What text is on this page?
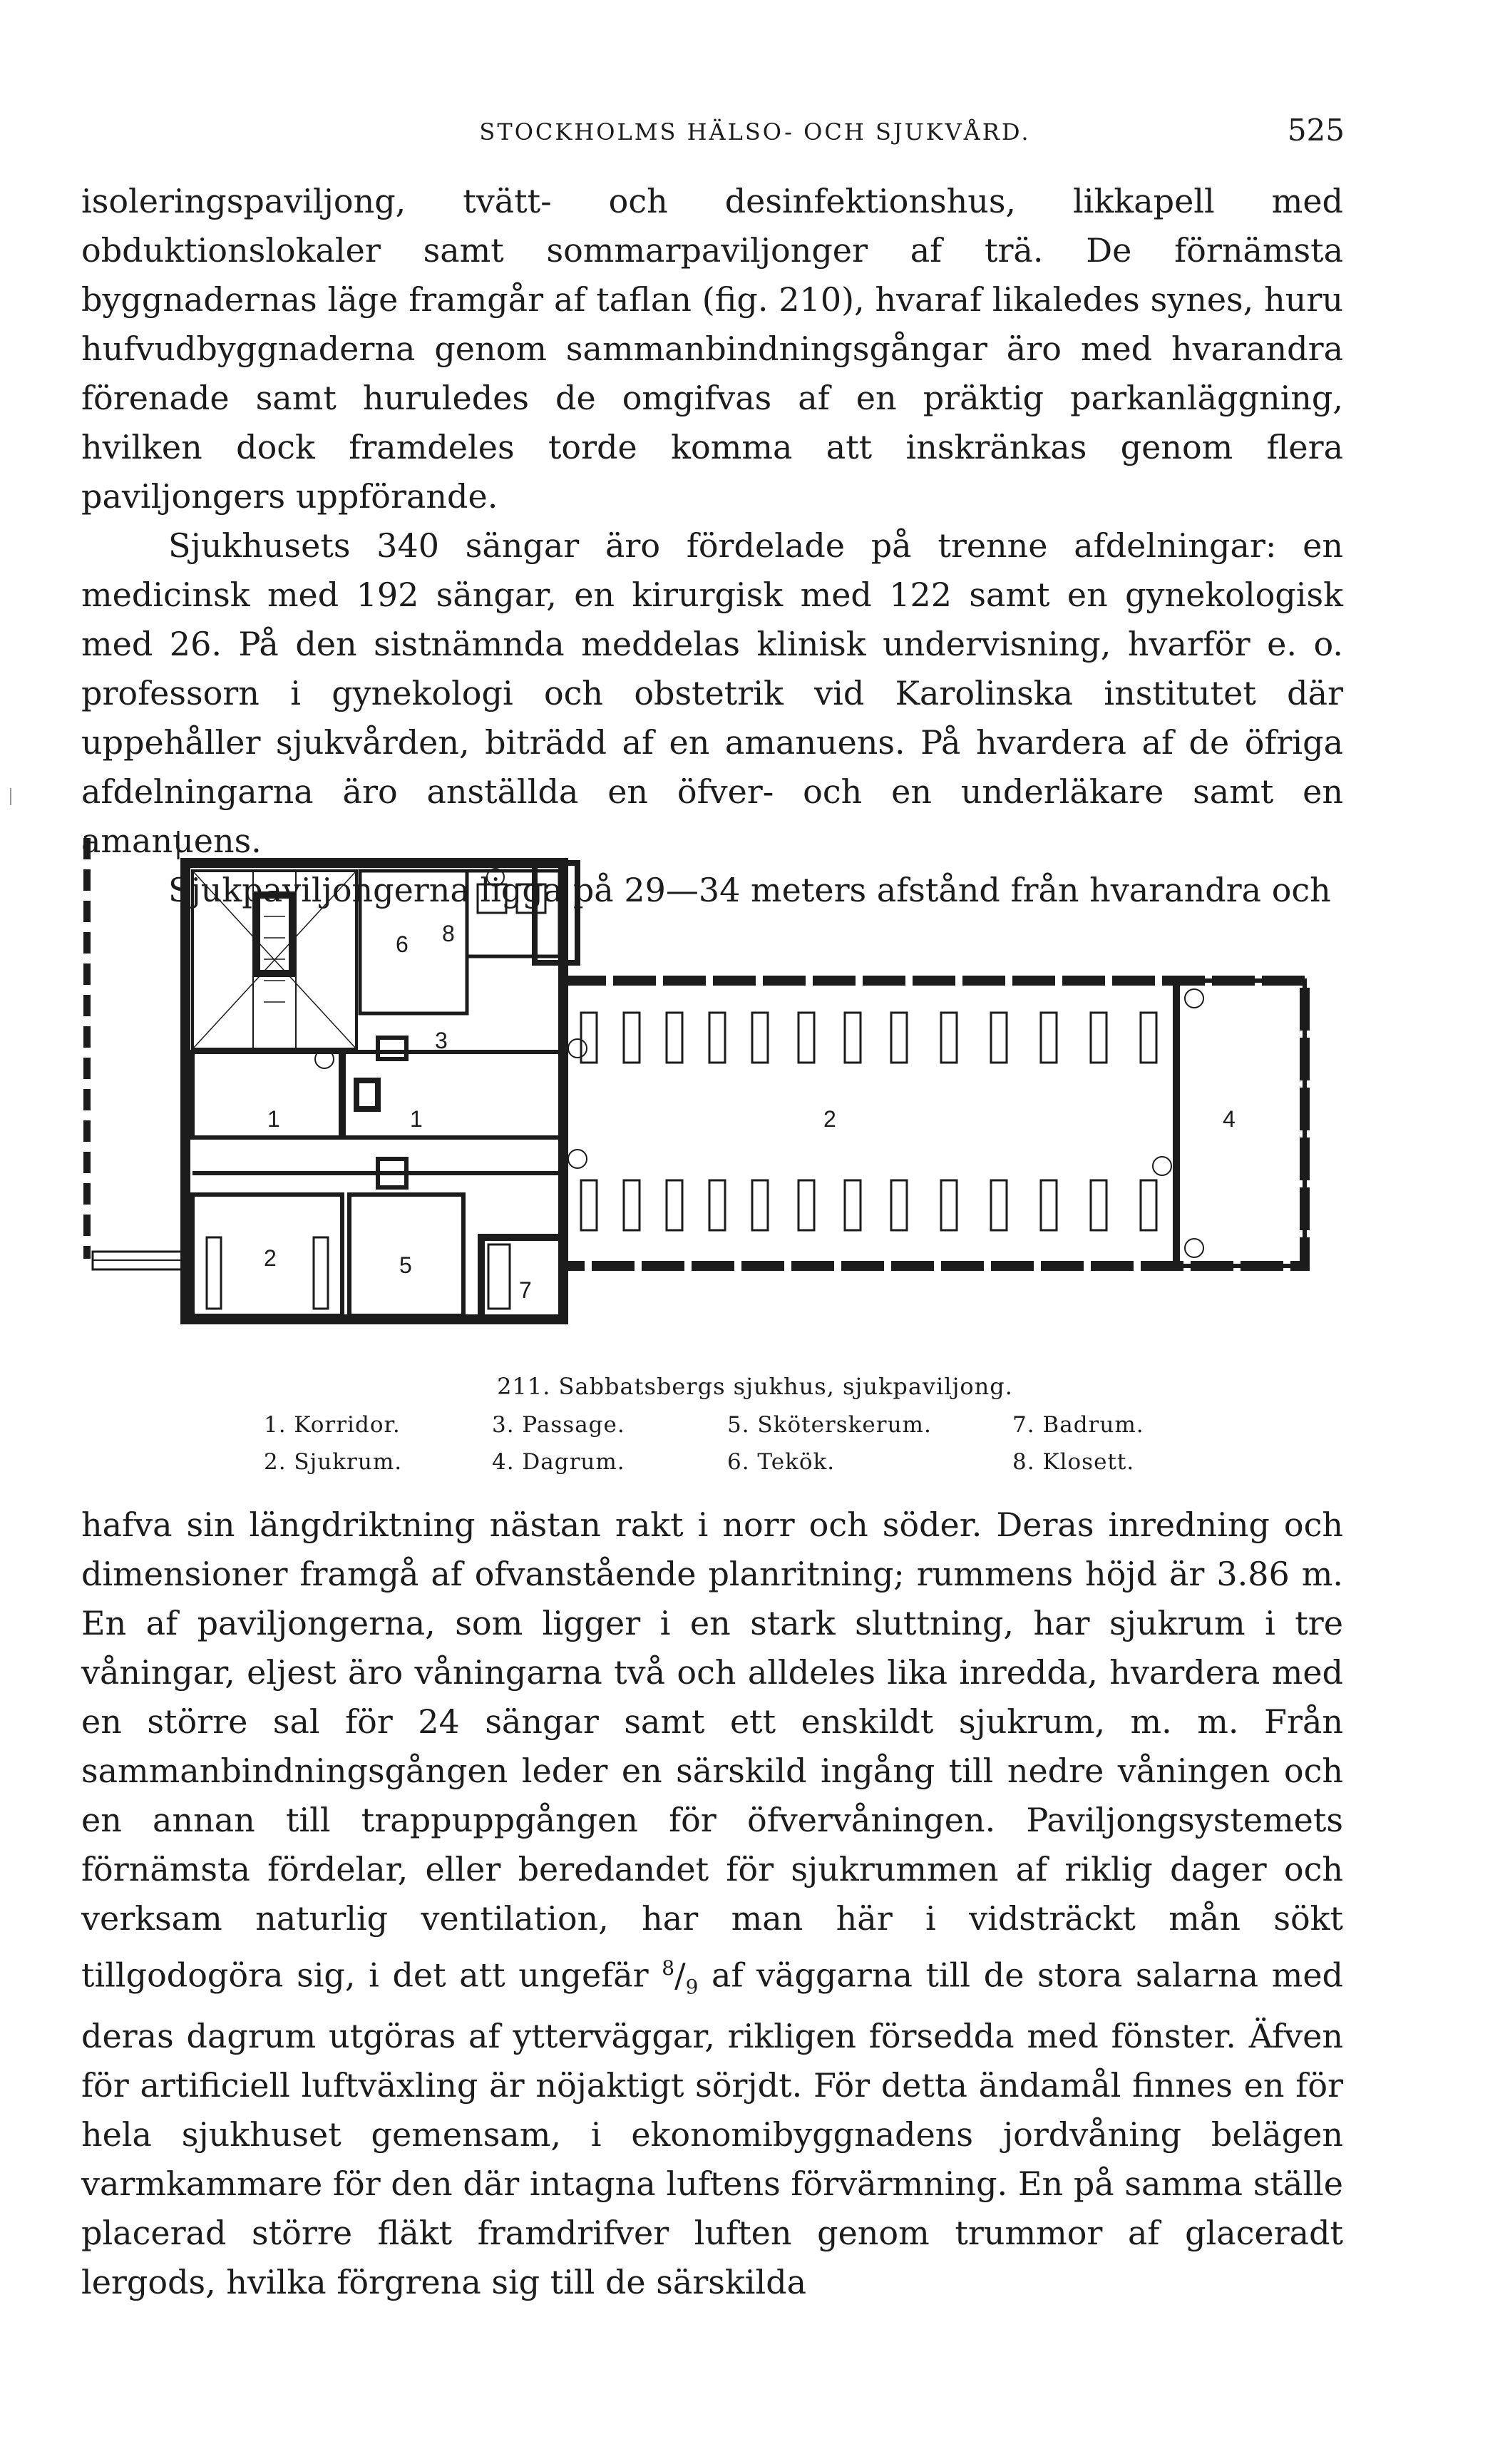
STOCKHOLMS HÄLSO- OCH SJUKVÅRD.	525

isoleringspaviljong, tvätt- och desinfektionshus, likkapell med obduktionslokaler samt sommarpaviljonger af trä. De förnämsta byggnadernas läge framgår af taflan (fig. 210), hvaraf likaledes synes, huru hufvudbyggnaderna genom sammanbindningsgångar äro med hvarandra förenade samt huruledes de omgifvas af en präktig parkanläggning, hvilken dock framdeles torde komma att inskränkas genom flera paviljongers uppförande.

Sjukhusets 340 sängar äro fördelade på trenne afdelningar: en medicinsk med 192 sängar, en kirurgisk med 122 samt en gynekologisk med 26. På den sistnämnda meddelas klinisk undervisning, hvarför e. o. professorn i gynekologi och obstetrik vid Karolinska institutet där uppehåller sjukvården, biträdd af en amanuens. På hvardera af de öfriga afdelningarna äro anställda en öfver- och en underläkare samt en amanuens.

Sjukpaviljongerna ligga på 29—34 meters afstånd från hvarandra och

1	1	2
2
3
4
5
6
7
8
211. Sabbatsbergs sjukhus, sjukpaviljong.
1. Korridor.	3. Passage.	5. Sköterskerum.	7. Badrum.
2. Sjukrum.	4. Dagrum.	6. Tekök.	8. Klosett.

hafva sin längdriktning nästan rakt i norr och söder. Deras inredning och dimensioner framgå af ofvanstående planritning; rummens höjd är 3.86 m. En af paviljongerna, som ligger i en stark sluttning, har sjukrum i tre våningar, eljest äro våningarna två och alldeles lika inredda, hvardera med en större sal för 24 sängar samt ett enskildt sjukrum, m. m. Från sammanbindningsgången leder en särskild ingång till nedre våningen och en annan till trappuppgången för öfvervåningen. Paviljongsystemets förnämsta fördelar, eller beredandet för sjukrummen af riklig dager och verksam naturlig ventilation, har man här i vidsträckt mån sökt tillgodogöra sig, i det att ungefär $^8/_9$ af väggarna till de stora salarna med deras dagrum utgöras af ytterväggar, rikligen försedda med fönster. Äfven för artificiell luftväxling är nöjaktigt sörjdt. För detta ändamål finnes en för hela sjukhuset gemensam, i ekonomibyggnadens jordvåning belägen varmkammare för den där intagna luftens förvärmning. En på samma ställe placerad större fläkt framdrifver luften genom trummor af glaceradt lergods, hvilka förgrena sig till de särskilda
